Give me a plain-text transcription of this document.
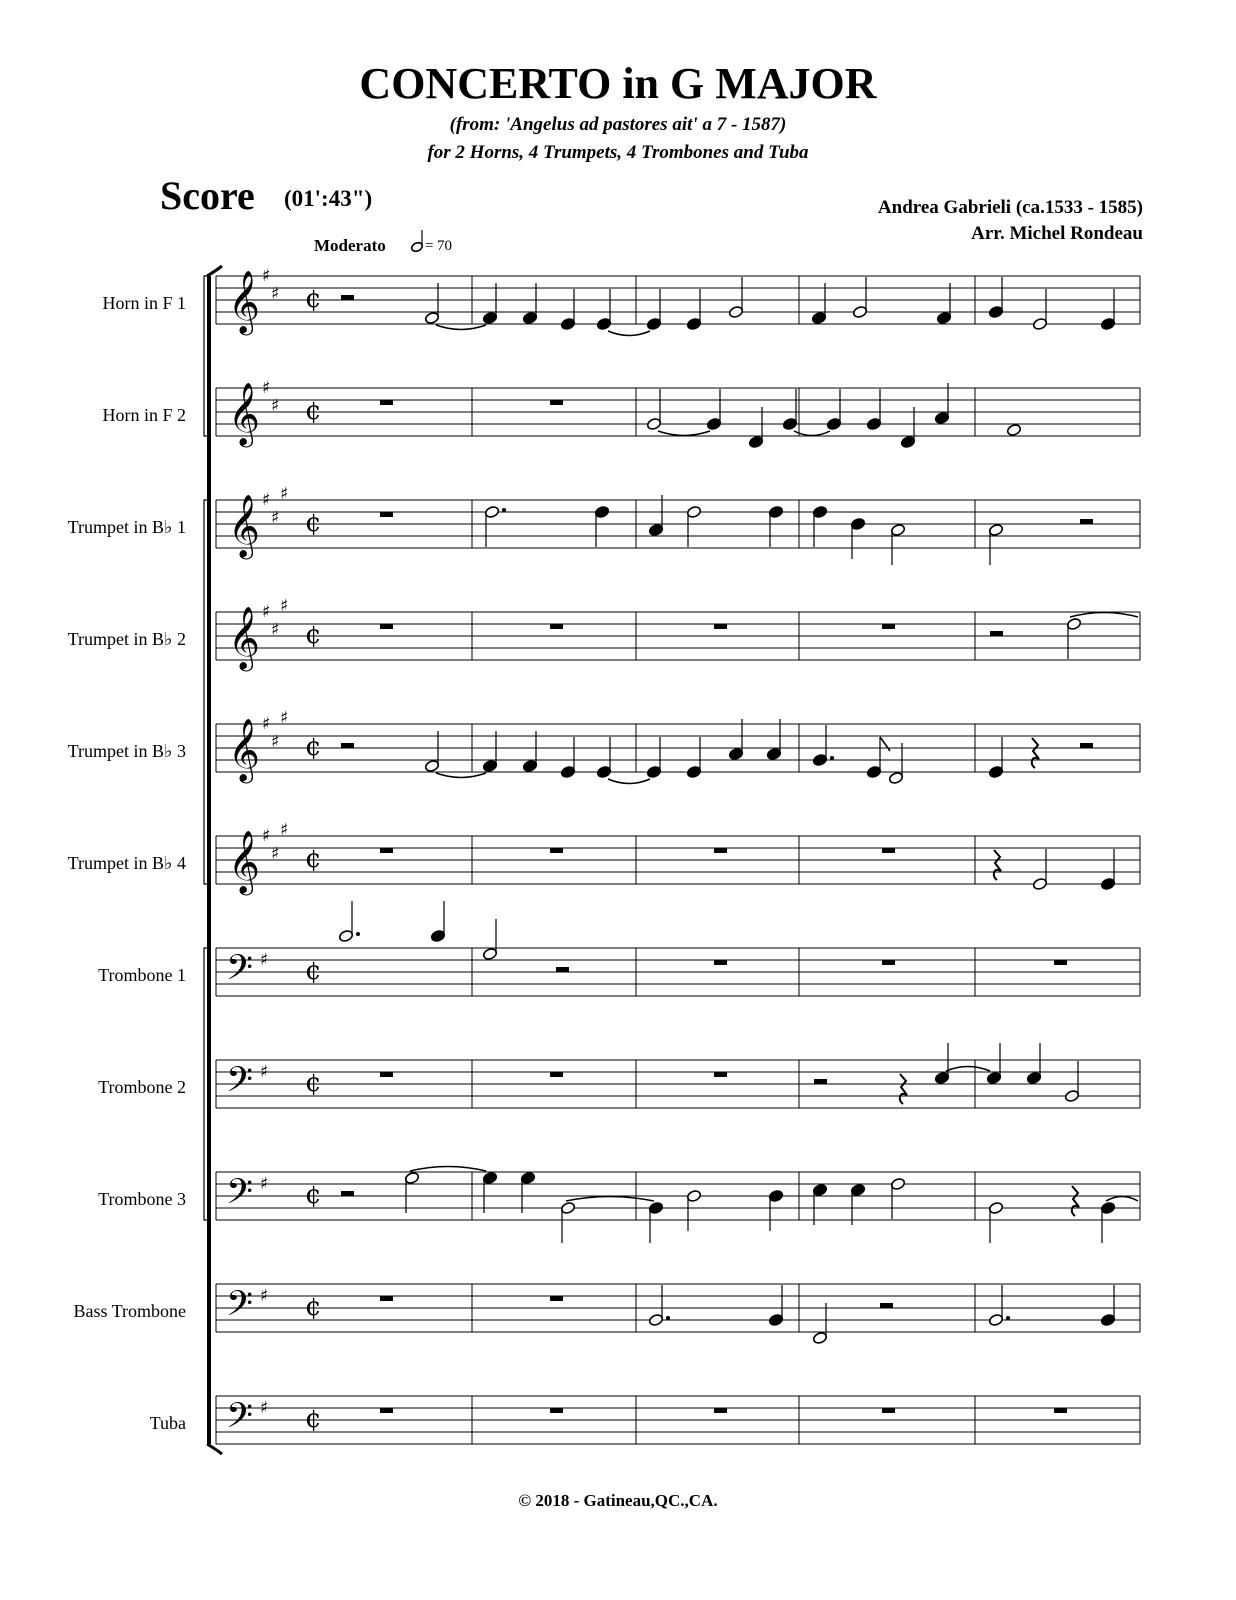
CONCERTO in G MAJOR
(from: 'Angelus ad pastores ait' a 7 - 1587)
for 2 Horns, 4 Trumpets, 4 Trombones and Tuba
Score (01':43")	Andrea Gabrieli (ca.1533 - 1585)
Arr. Michel Rondeau
Moderato	= 70
Horn in F 1
Horn in F 2
Trumpet in B♭ 1
Trumpet in B♭ 2
Trumpet in B♭ 3
Trumpet in B♭ 4
Trombone 1
Trombone 2
Trombone 3
Bass Trombone
Tuba
𝄞 ♯
♯ ¢
𝄞 ♯
♯ ¢
𝄞 ♯
♯
♯
¢
𝄞 ♯
♯
♯
¢
𝄞 ♯
♯
♯
¢
𝄞 ♯
♯
♯
¢
𝄢 ♯ ¢
𝄢 ♯ ¢
𝄢 ♯ ¢
𝄢 ♯ ¢
𝄢 ♯ ¢
© 2018 - Gatineau,QC.,CA.
